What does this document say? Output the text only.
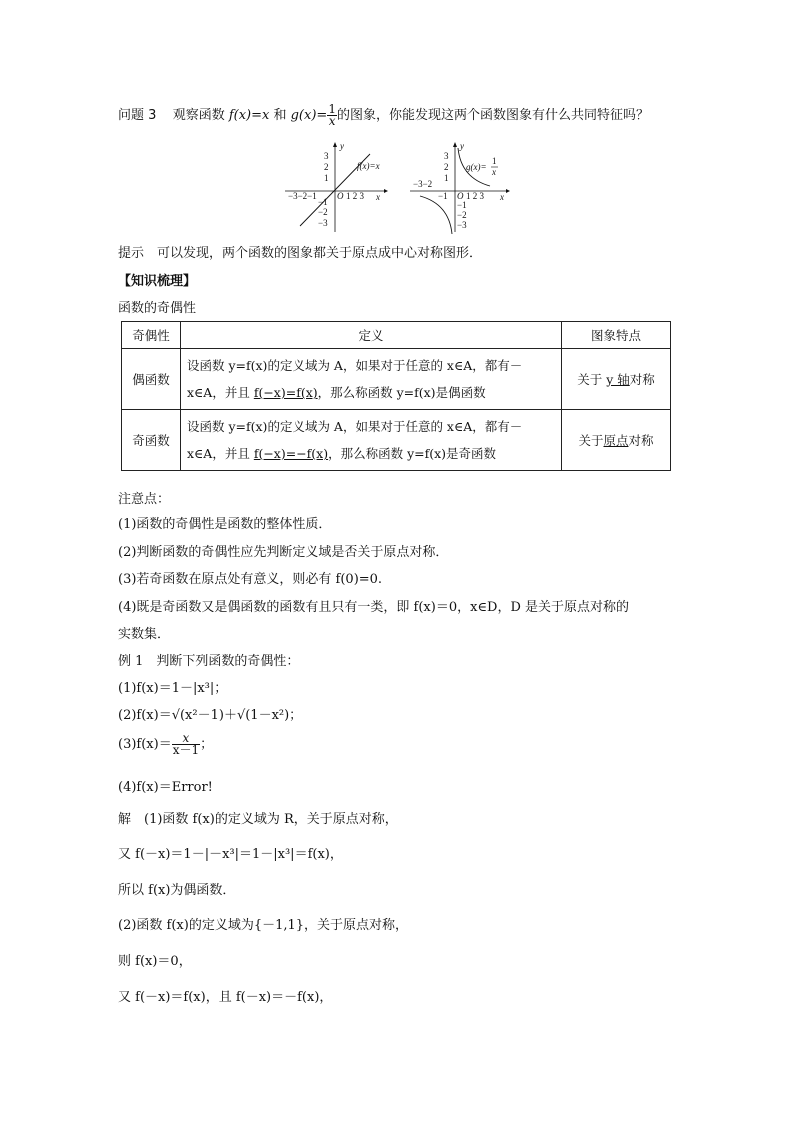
问题 3 观察函数 f(x)=x 和 $g(x)= \frac{1}{x}$ 的图象，你能发现这两个函数图象有什么共同特征吗？
y
x
f(x)=x
3
2
1
−1
−2
−3
−3−2−1 O 1 2 3
y
x
g(x)=
1
x
3
2
1
−1
−2
−3
−3−2
−1 O 1 2 3
提示　可以发现，两个函数的图象都关于原点成中心对称图形．
【知识梳理】
函数的奇偶性
奇偶性	定义	图象特点
偶函数	设函数 y=f(x)的定义域为 A，如果对于任意的 x∈A，都有－
x∈A，并且 f(−x)=f(x)，那么称函数 y=f(x)是偶函数	关于 y 轴对称
奇函数	设函数 y=f(x)的定义域为 A，如果对于任意的 x∈A，都有－
x∈A，并且 f(−x)=−f(x)，那么称函数 y=f(x)是奇函数	关于原点对称
注意点：
(1)函数的奇偶性是函数的整体性质．
(2)判断函数的奇偶性应先判断定义域是否关于原点对称．
(3)若奇函数在原点处有意义，则必有 f(0)=0.
(4)既是奇函数又是偶函数的函数有且只有一类，即 f(x)＝0，x∈D，D 是关于原点对称的
实数集．
例 1　判断下列函数的奇偶性：
(1)f(x)＝1－|x³|；
(2)f(x)＝√(x²－1)＋√(1－x²)；
$(3)f(x)= \frac{x}{x-1}$ ；
(4)f(x)＝Error!
解　(1)函数 f(x)的定义域为 R，关于原点对称，
又 f(－x)＝1－|－x³|＝1－|x³|＝f(x)，
所以 f(x)为偶函数．
(2)函数 f(x)的定义域为{－1,1}，关于原点对称，
则 f(x)＝0，
又 f(－x)＝f(x)，且 f(－x)＝－f(x)，
